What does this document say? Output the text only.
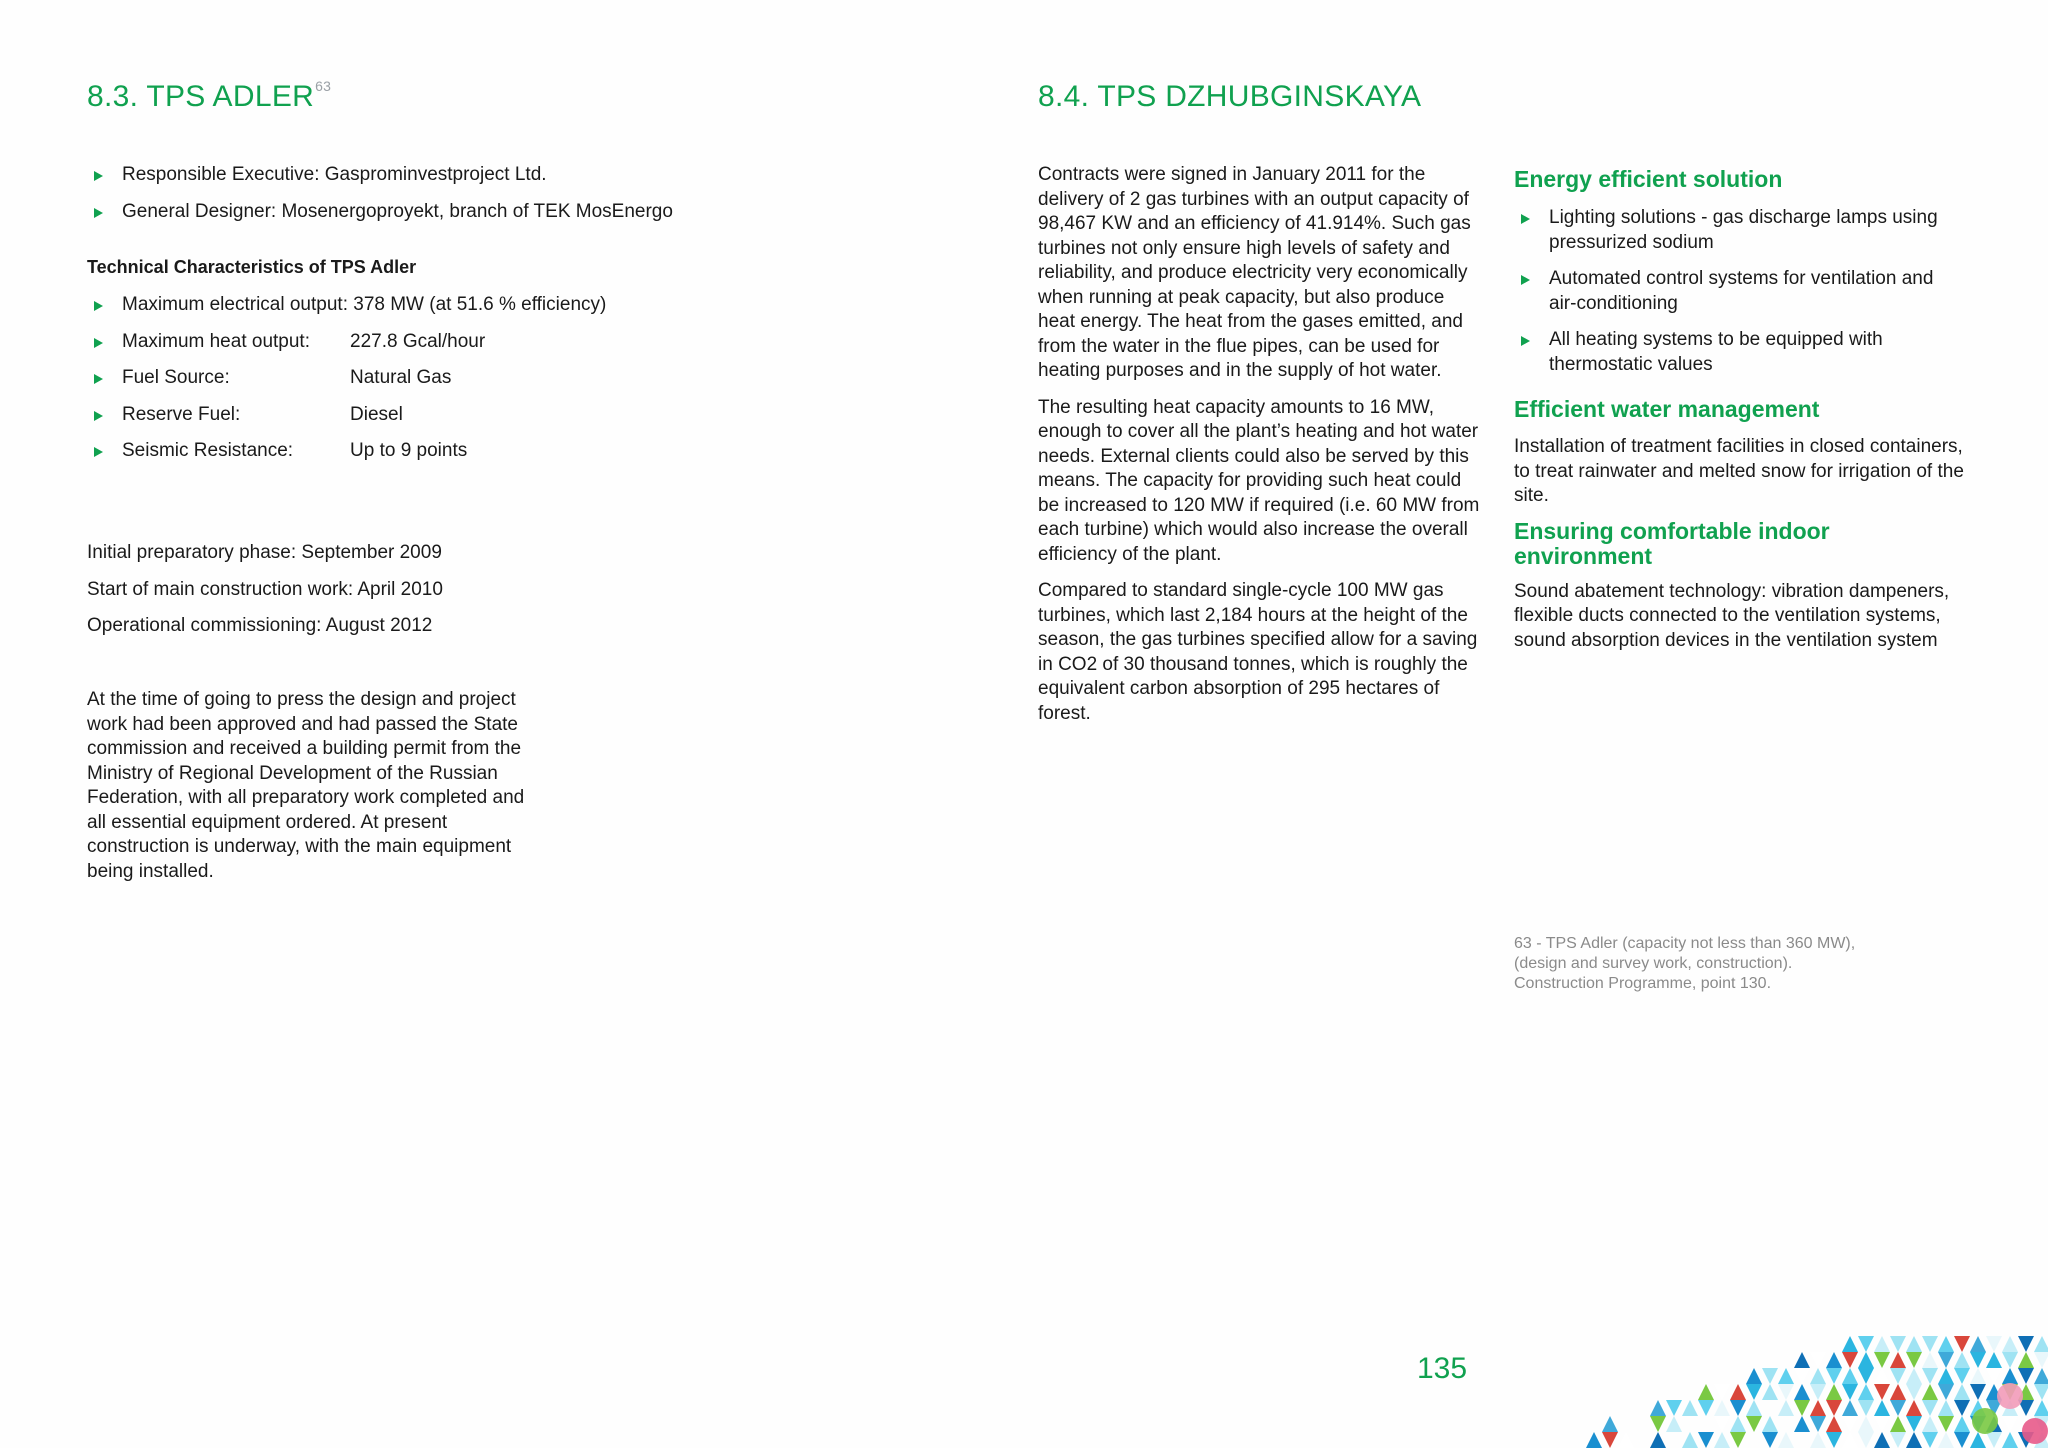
8.3. TPS ADLER$^{63}$
Responsible Executive: Gasprominvestproject Ltd.
General Designer: Mosenergoproyekt, branch of TEK MosEnergo
Technical Characteristics of TPS Adler
Maximum electrical output: 378 MW (at 51.6 % efficiency)
Maximum heat output: 227.8 Gcal/hour
Fuel Source:	Natural Gas
Reserve Fuel:	Diesel
Seismic Resistance:	Up to 9 points
Initial preparatory phase: September 2009
Start of main construction work: April 2010
Operational commissioning: August 2012
At the time of going to press the design and project work had been approved and had passed the State commission and received a building permit from the Ministry of Regional Development of the Russian Federation, with all preparatory work completed and all essential equipment ordered. At present construction is underway, with the main equipment being installed.
8.4. TPS DZHUBGINSKAYA

Contracts were signed in January 2011 for the delivery of 2 gas turbines with an output capacity of 98,467 KW and an efficiency of 41.914%. Such gas turbines not only ensure high levels of safety and reliability, and produce electricity very economically when running at peak capacity, but also produce heat energy. The heat from the gases emitted, and from the water in the flue pipes, can be used for heating purposes and in the supply of hot water.

The resulting heat capacity amounts to 16 MW, enough to cover all the plant’s heating and hot water needs. External clients could also be served by this means. The capacity for providing such heat could be increased to 120 MW if required (i.e. 60 MW from each turbine) which would also increase the overall efficiency of the plant.

Compared to standard single-cycle 100 MW gas turbines, which last 2,184 hours at the height of the season, the gas turbines specified allow for a saving in CO2 of 30 thousand tonnes, which is roughly the equivalent carbon absorption of 295 hectares of forest.

Energy efficient solution
Lighting solutions - gas discharge lamps using pressurized sodium
Automated control systems for ventilation and air-conditioning
All heating systems to be equipped with thermostatic values
Efficient water management
Installation of treatment facilities in closed containers, to treat rainwater and melted snow for irrigation of the site.
Ensuring comfortable indoor environment
Sound abatement technology: vibration dampeners, flexible ducts connected to the ventilation systems, sound absorption devices in the ventilation system
63 - TPS Adler (capacity not less than 360 MW), (design and survey work, construction). Construction Programme, point 130.
135
